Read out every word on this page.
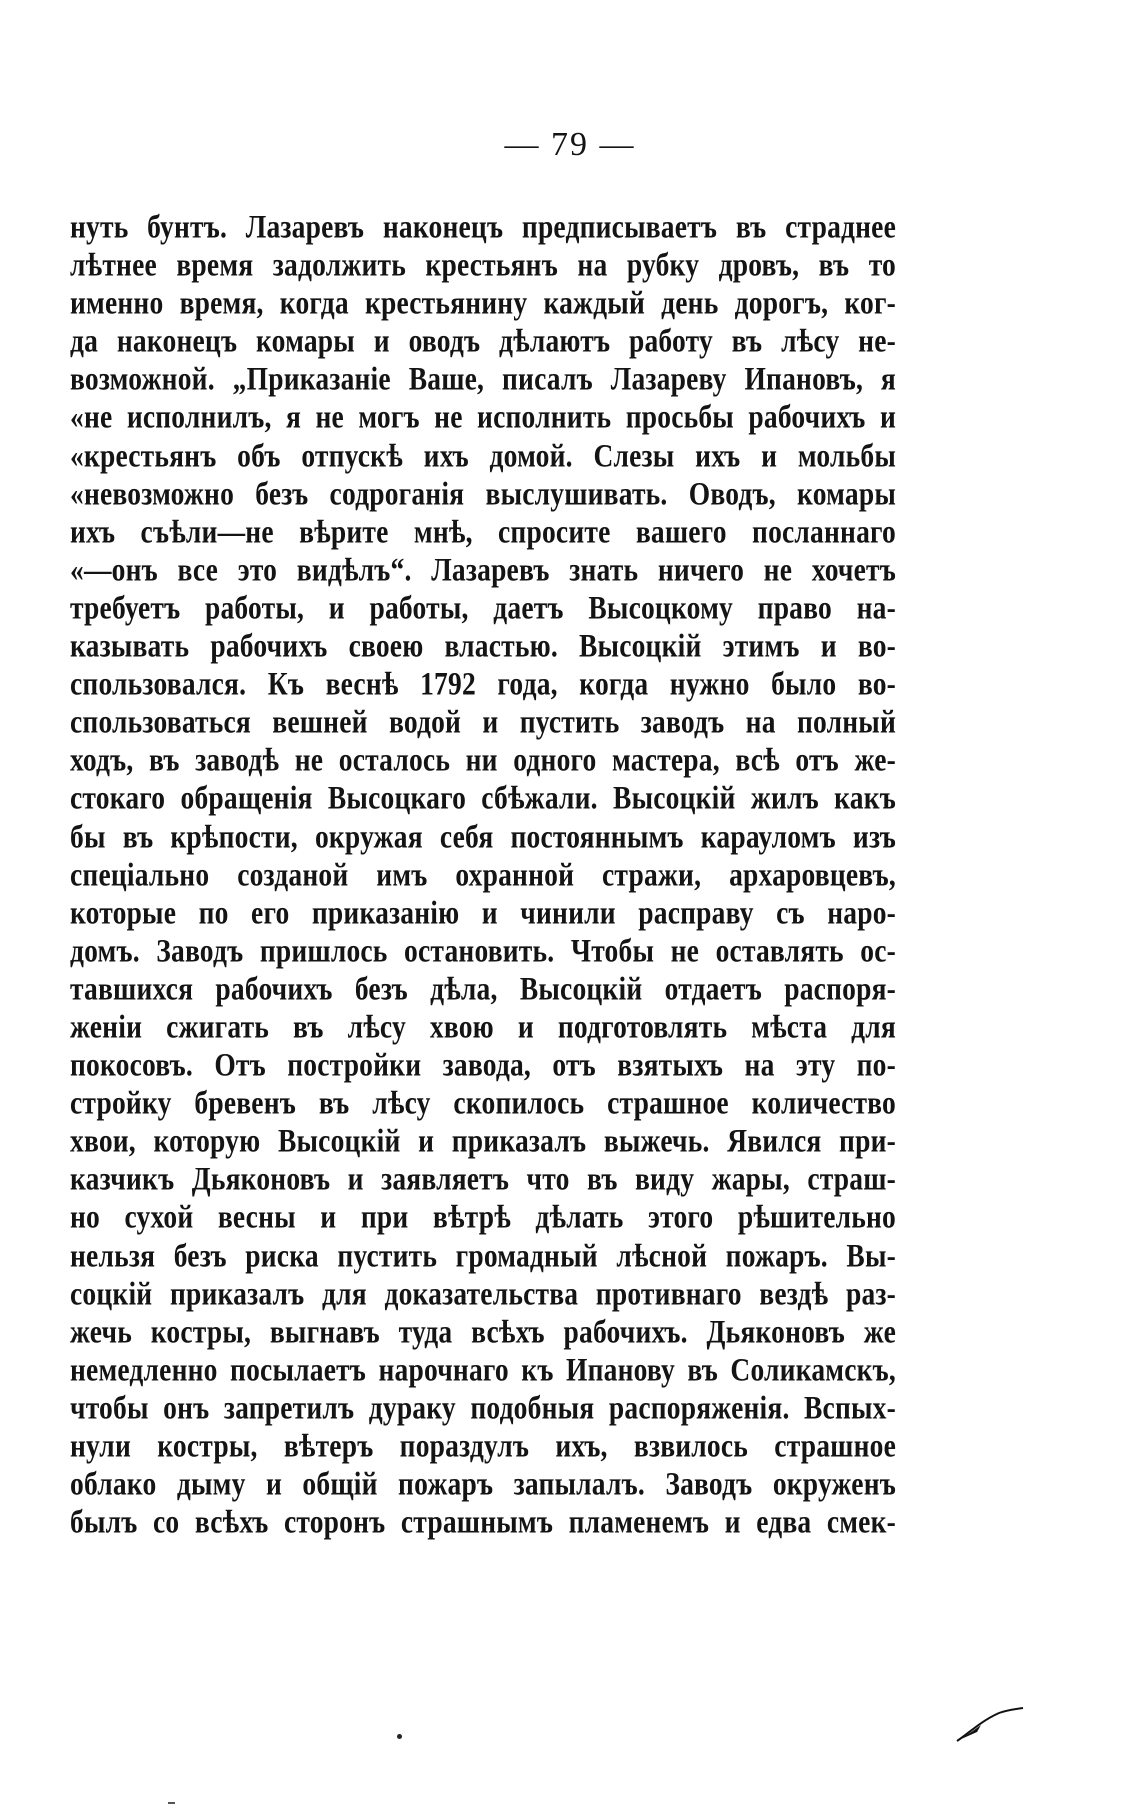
— 79 —
нуть бунтъ. Лазаревъ наконецъ предписываетъ въ страднее
лѣтнее время задолжить крестьянъ на рубку дровъ, въ то
именно время, когда крестьянину каждый день дорогъ, ког-
да наконецъ комары и оводъ дѣлаютъ работу въ лѣсу не-
возможной. „Приказаніе Ваше, писалъ Лазареву Ипановъ, я
«не исполнилъ, я не могъ не исполнить просьбы рабочихъ и
«крестьянъ объ отпускѣ ихъ домой. Слезы ихъ и мольбы
«невозможно безъ содроганія выслушивать. Оводъ, комары
ихъ съѣли—не вѣрите мнѣ, спросите вашего посланнаго
«—онъ все это видѣлъ“. Лазаревъ знать ничего не хочетъ
требуетъ работы, и работы, даетъ Высоцкому право на-
казывать рабочихъ своею властью. Высоцкій этимъ и во-
спользовался. Къ веснѣ 1792 года, когда нужно было во-
спользоваться вешней водой и пустить заводъ на полный
ходъ, въ заводѣ не осталось ни одного мастера, всѣ отъ же-
стокаго обращенія Высоцкаго сбѣжали. Высоцкій жилъ какъ
бы въ крѣпости, окружая себя постояннымъ карауломъ изъ
спеціально созданой имъ охранной стражи, архаровцевъ,
которые по его приказанію и чинили расправу съ наро-
домъ. Заводъ пришлось остановить. Чтобы не оставлять ос-
тавшихся рабочихъ безъ дѣла, Высоцкій отдаетъ распоря-
женіи сжигать въ лѣсу хвою и подготовлять мѣста для
покосовъ. Отъ постройки завода, отъ взятыхъ на эту по-
стройку бревенъ въ лѣсу скопилось страшное количество
хвои, которую Высоцкій и приказалъ выжечь. Явился при-
казчикъ Дьяконовъ и заявляетъ что въ виду жары, страш-
но сухой весны и при вѣтрѣ дѣлать этого рѣшительно
нельзя безъ риска пустить громадный лѣсной пожаръ. Вы-
соцкій приказалъ для доказательства противнаго вездѣ раз-
жечь костры, выгнавъ туда всѣхъ рабочихъ. Дьяконовъ же
немедленно посылаетъ нарочнаго къ Ипанову въ Соликамскъ,
чтобы онъ запретилъ дураку подобныя распоряженія. Вспых-
нули костры, вѣтеръ пораздулъ ихъ, взвилось страшное
облако дыму и общій пожаръ запылалъ. Заводъ окруженъ
былъ со всѣхъ сторонъ страшнымъ пламенемъ и едва смек-
